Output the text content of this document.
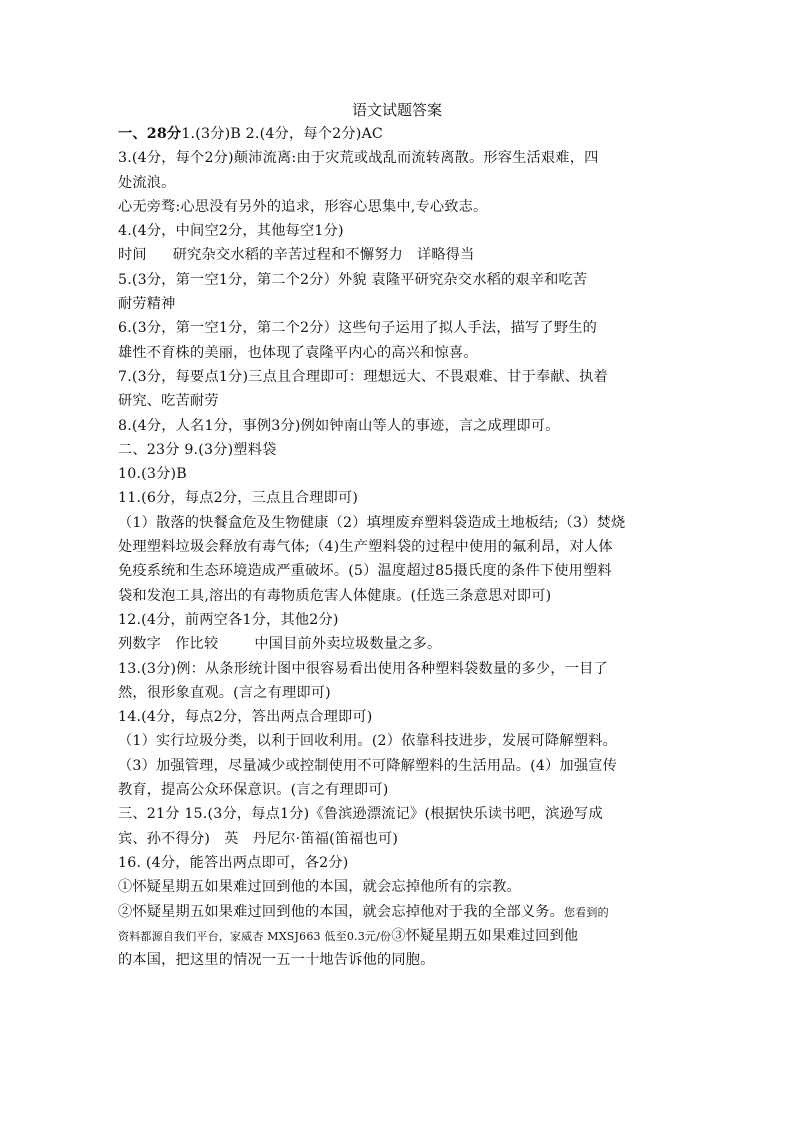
语文试题答案
一、28分1.(3分)B 2.(4分，每个2分)AC
3.(4分，每个2分)颠沛流离:由于灾荒或战乱而流转离散。形容生活艰难，四
处流浪。
心无旁骛:心思没有另外的追求，形容心思集中,专心致志。
4.(4分，中间空2分，其他每空1分)
时间 研究杂交水稻的辛苦过程和不懈努力 详略得当
5.(3分，第一空1分，第二个2分）外貌 袁隆平研究杂交水稻的艰辛和吃苦
耐劳精神
6.(3分，第一空1分，第二个2分）这些句子运用了拟人手法，描写了野生的
雄性不育株的美丽，也体现了袁隆平内心的高兴和惊喜。
7.(3分，每要点1分)三点且合理即可：理想远大、不畏艰难、甘于奉献、执着
研究、吃苦耐劳
8.(4分，人名1分，事例3分)例如钟南山等人的事迹，言之成理即可。
二、23分 9.(3分)塑料袋
10.(3分)B
11.(6分，每点2分，三点且合理即可)
（1）散落的快餐盒危及生物健康（2）填埋废弃塑料袋造成土地板结;（3）焚烧
处理塑料垃圾会释放有毒气体;（4)生产塑料袋的过程中使用的氟利昂，对人体
免疫系统和生态环境造成严重破坏。(5）温度超过85摄氏度的条件下使用塑料
袋和发泡工具,溶出的有毒物质危害人体健康。(任选三条意思对即可)
12.(4分，前两空各1分，其他2分)
列数字 作比较	中国目前外卖垃圾数量之多。
13.(3分)例：从条形统计图中很容易看出使用各种塑料袋数量的多少，一目了
然，很形象直观。(言之有理即可)
14.(4分，每点2分，答出两点合理即可)
（1）实行垃圾分类，以利于回收利用。(2）依靠科技进步，发展可降解塑料。
（3）加强管理，尽量减少或控制使用不可降解塑料的生活用品。(4）加强宣传
教育，提高公众环保意识。(言之有理即可)
三、21分 15.(3分，每点1分)《鲁滨逊漂流记》(根据快乐读书吧，滨逊写成
宾、孙不得分) 英 丹尼尔·笛福(笛福也可)
16. (4分，能答出两点即可，各2分)
①怀疑星期五如果难过回到他的本国，就会忘掉他所有的宗教。
②怀疑星期五如果难过回到他的本国，就会忘掉他对于我的全部义务。您看到的
资料都源自我们平台，家威杏 MXSJ663 低至0.3元/份③怀疑星期五如果难过回到他
的本国，把这里的情况一五一十地告诉他的同胞。
